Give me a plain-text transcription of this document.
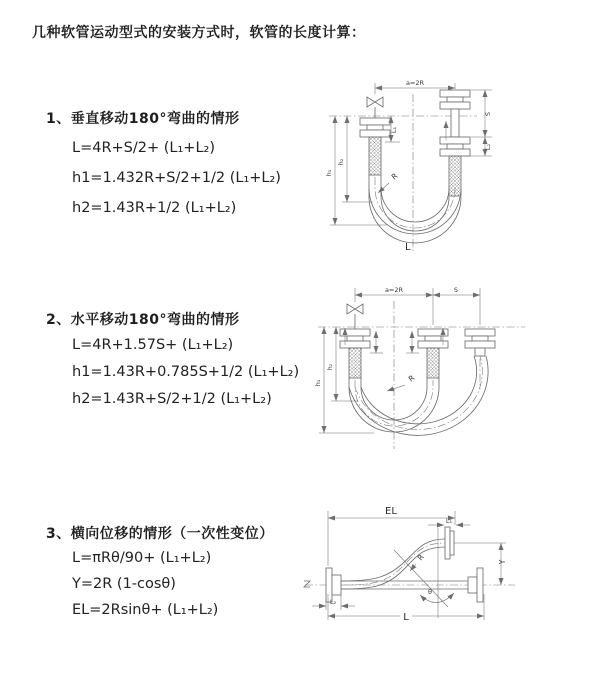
几种软管运动型式的安装方式时，软管的长度计算：
1、垂直移动180°弯曲的情形
L=4R+S/2+ (L₁+L₂)
h1=1.432R+S/2+1/2 (L₁+L₂)
h2=1.43R+1/2 (L₁+L₂)
a=2R
R
h₁
h₂
L₁
S
L₂
L
2、水平移动180°弯曲的情形
L=4R+1.57S+ (L₁+L₂)
h1=1.43R+0.785S+1/2 (L₁+L₂)
h2=1.43R+S/2+1/2 (L₁+L₂)
a=2R	S
R
h₁
h₂
3、横向位移的情形（一次性变位）
L=πRθ/90+ (L₁+L₂)
Y=2R (1-cosθ)
EL=2Rsinθ+ (L₁+L₂)
EL
L₁
Y
θ
R
L₂
L
